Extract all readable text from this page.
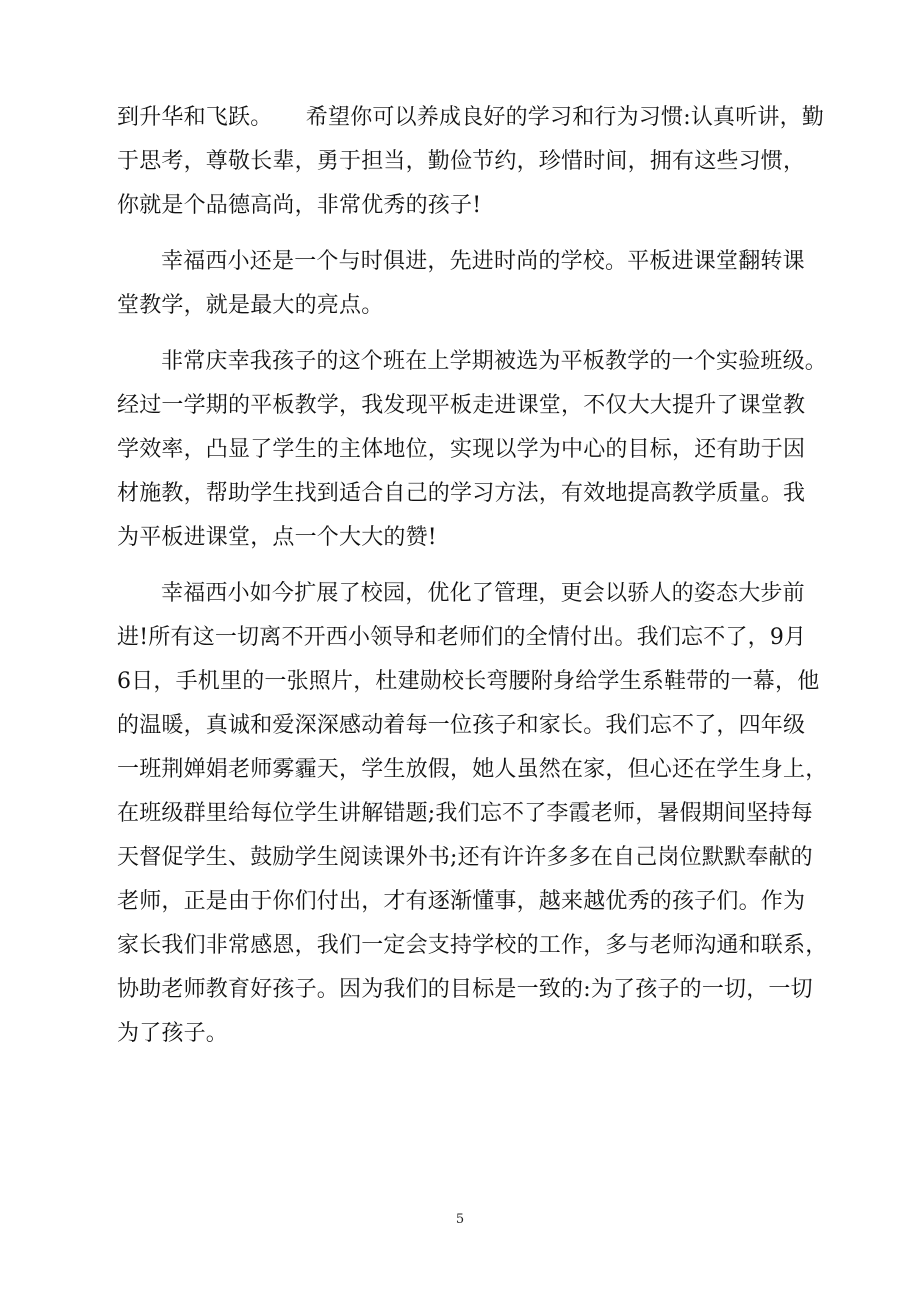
到升华和飞跃。　　希望你可以养成良好的学习和行为习惯:认真听讲，勤
于思考，尊敬长辈，勇于担当，勤俭节约，珍惜时间，拥有这些习惯，
你就是个品德高尚，非常优秀的孩子!
幸福西小还是一个与时俱进，先进时尚的学校。平板进课堂翻转课
堂教学，就是最大的亮点。
非常庆幸我孩子的这个班在上学期被选为平板教学的一个实验班级。
经过一学期的平板教学，我发现平板走进课堂，不仅大大提升了课堂教
学效率，凸显了学生的主体地位，实现以学为中心的目标，还有助于因
材施教，帮助学生找到适合自己的学习方法，有效地提高教学质量。我
为平板进课堂，点一个大大的赞!
幸福西小如今扩展了校园，优化了管理，更会以骄人的姿态大步前
进!所有这一切离不开西小领导和老师们的全情付出。我们忘不了，9月
6日，手机里的一张照片，杜建勋校长弯腰附身给学生系鞋带的一幕，他
的温暖，真诚和爱深深感动着每一位孩子和家长。我们忘不了，四年级
一班荆婵娟老师雾霾天，学生放假，她人虽然在家，但心还在学生身上，
在班级群里给每位学生讲解错题;我们忘不了李霞老师，暑假期间坚持每
天督促学生、鼓励学生阅读课外书;还有许许多多在自己岗位默默奉献的
老师，正是由于你们付出，才有逐渐懂事，越来越优秀的孩子们。作为
家长我们非常感恩，我们一定会支持学校的工作，多与老师沟通和联系，
协助老师教育好孩子。因为我们的目标是一致的:为了孩子的一切，一切
为了孩子。
5
